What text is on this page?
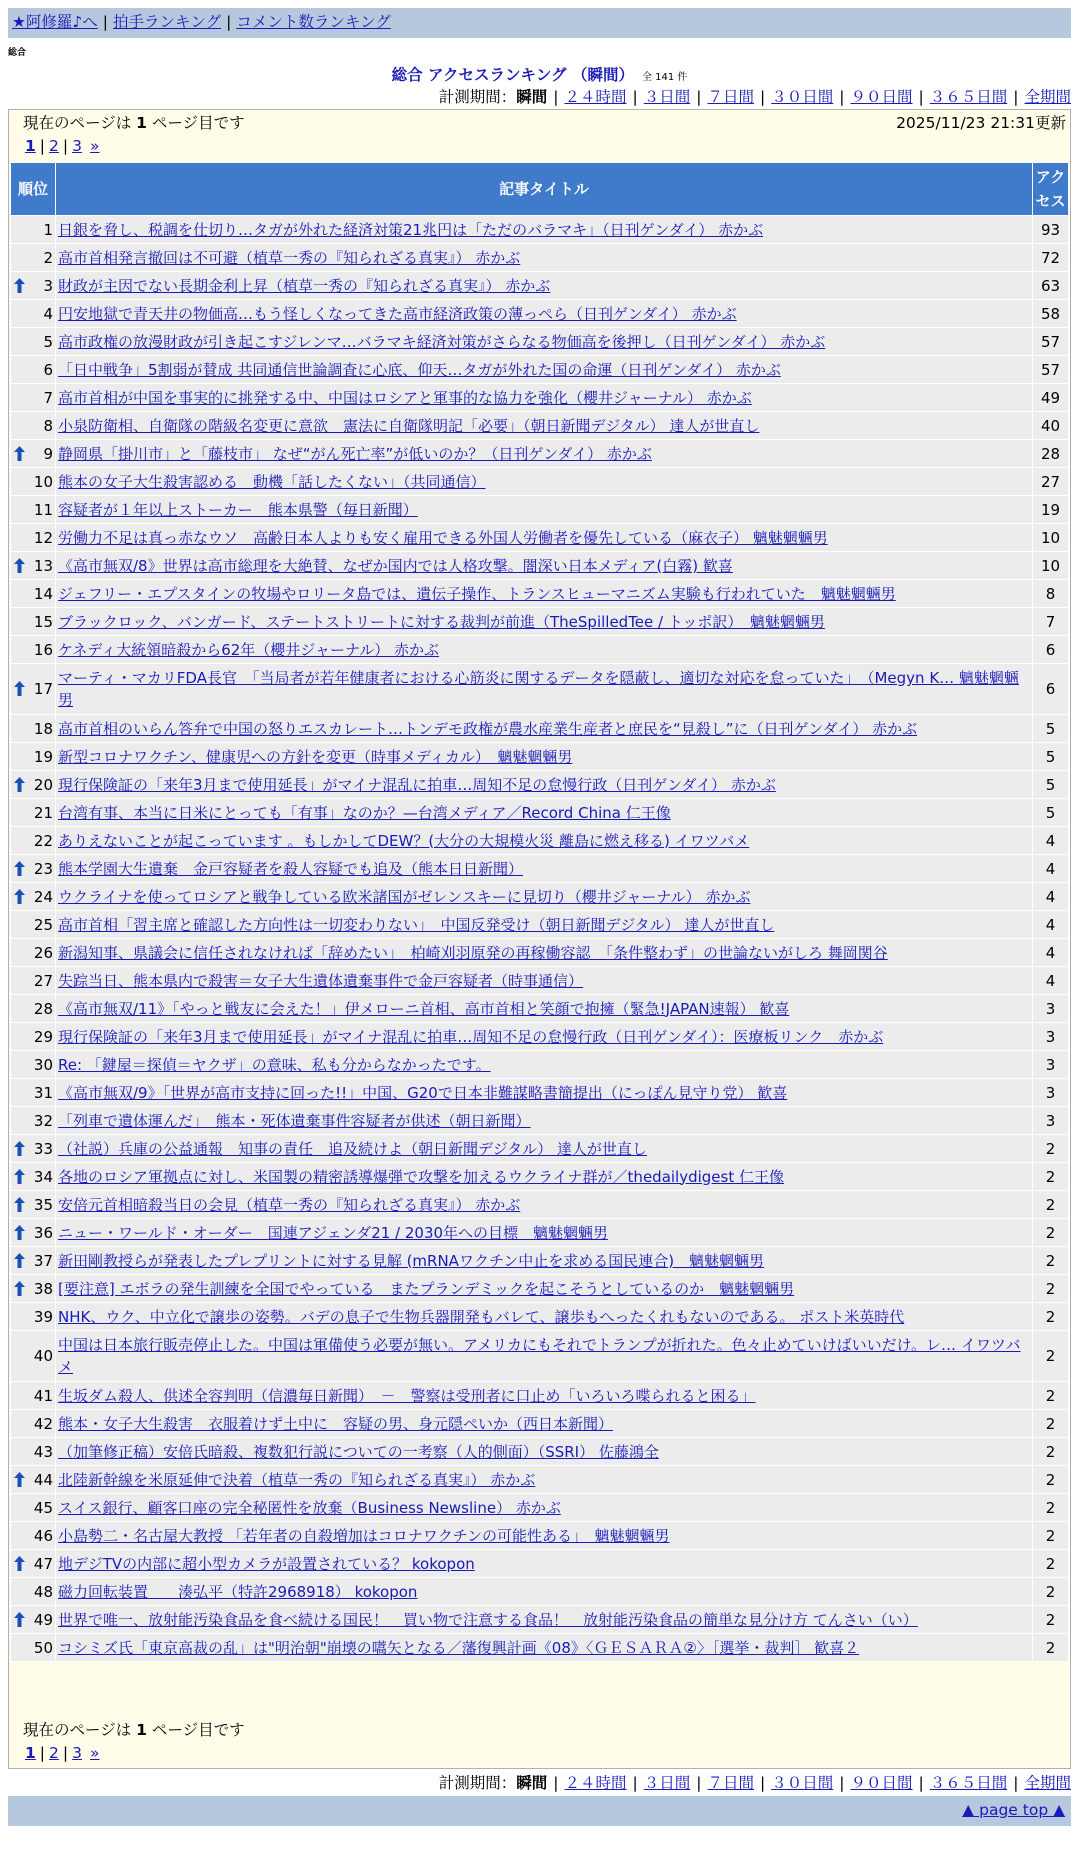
★阿修羅♪へ | 拍手ランキング | コメント数ランキング
総合
総合 アクセスランキング （瞬間） 全 141 件
計測期間：瞬間 | ２４時間 | ３日間 | ７日間 | ３０日間 | ９０日間 | ３６５日間 | 全期間
現在のページは 1 ページ目です	2025/11/23 21:31更新
1 | 2 | 3 »
順位	記事タイトル	アクセス
1	日銀を脅し、税調を仕切り…タガが外れた経済対策21兆円は「ただのバラマキ」（日刊ゲンダイ） 赤かぶ	93
2	高市首相発言撤回は不可避（植草一秀の『知られざる真実』） 赤かぶ	72

3	財政が主因でない長期金利上昇（植草一秀の『知られざる真実』） 赤かぶ	63
4	円安地獄で青天井の物価高…もう怪しくなってきた高市経済政策の薄っぺら（日刊ゲンダイ） 赤かぶ	58
5	高市政権の放漫財政が引き起こすジレンマ…バラマキ経済対策がさらなる物価高を後押し（日刊ゲンダイ） 赤かぶ	57
6	「日中戦争」5割弱が賛成 共同通信世論調査に心底、仰天…タガが外れた国の命運（日刊ゲンダイ） 赤かぶ	57
7	高市首相が中国を事実的に挑発する中、中国はロシアと軍事的な協力を強化（櫻井ジャーナル） 赤かぶ	49
8	小泉防衛相、自衛隊の階級名変更に意欲　憲法に自衛隊明記「必要」（朝日新聞デジタル） 達人が世直し	40

9	静岡県「掛川市」と「藤枝市」 なぜ“がん死亡率”が低いのか？（日刊ゲンダイ） 赤かぶ	28
10	熊本の女子大生殺害認める　動機「話したくない」（共同通信）	27
11	容疑者が１年以上ストーカー　熊本県警（毎日新聞）	19
12	労働力不足は真っ赤なウソ　高齢日本人よりも安く雇用できる外国人労働者を優先している（麻衣子） 魑魅魍魎男	10

13	《高市無双/8》世界は高市総理を大絶賛、なぜか国内では人格攻撃。闇深い日本メディア(白霧) 歓喜	10
14	ジェフリー・エプスタインの牧場やロリータ島では、遺伝子操作、トランスヒューマニズム実験も行われていた　魑魅魍魎男	8
15	ブラックロック、バンガード、ステートストリートに対する裁判が前進（TheSpilledTee / トッポ訳）　魑魅魍魎男	7
16	ケネディ大統領暗殺から62年（櫻井ジャーナル） 赤かぶ	6

17	マーティ・マカリFDA長官　「当局者が若年健康者における心筋炎に関するデータを隠蔽し、適切な対応を怠っていた」　（Megyn K… 魑魅魍魎男	6
18	高市首相のいらん答弁で中国の怒りエスカレート…トンデモ政権が農水産業生産者と庶民を“見殺し”に（日刊ゲンダイ） 赤かぶ	5
19	新型コロナワクチン、健康児への方針を変更（時事メディカル）　魑魅魍魎男	5

20	現行保険証の「来年3月まで使用延長」がマイナ混乱に拍車…周知不足の怠慢行政（日刊ゲンダイ） 赤かぶ	5
21	台湾有事、本当に日米にとっても「有事」なのか？—台湾メディア／Record China 仁王像	5
22	ありえないことが起こっています 。もしかしてDEW？(大分の大規模火災 離島に燃え移る) イワツバメ	4

23	熊本学園大生遺棄　金戸容疑者を殺人容疑でも追及（熊本日日新聞）	4

24	ウクライナを使ってロシアと戦争している欧米諸国がゼレンスキーに見切り（櫻井ジャーナル） 赤かぶ	4
25	高市首相「習主席と確認した方向性は一切変わりない」　中国反発受け（朝日新聞デジタル） 達人が世直し	4
26	新潟知事、県議会に信任されなければ「辞めたい」　柏崎刈羽原発の再稼働容認　「条件整わず」の世論ないがしろ 舞岡関谷	4
27	失踪当日、熊本県内で殺害＝女子大生遺体遺棄事件で金戸容疑者（時事通信）	4
28	《高市無双/11》「やっと戦友に会えた！」伊メローニ首相、高市首相と笑顔で抱擁（緊急!JAPAN速報） 歓喜	3
29	現行保険証の「来年3月まで使用延長」がマイナ混乱に拍車…周知不足の怠慢行政（日刊ゲンダイ）：医療板リンク　赤かぶ	3
30	Re: 「鍵屋＝探偵＝ヤクザ」の意味、私も分からなかったです。	3
31	《高市無双/9》「世界が高市支持に回った!!」中国、G20で日本非難謀略書簡提出（にっぽん見守り党） 歓喜	3
32	「列車で遺体運んだ」　熊本・死体遺棄事件容疑者が供述（朝日新聞）	3

33	（社説）兵庫の公益通報　知事の責任　追及続けよ（朝日新聞デジタル） 達人が世直し	2

34	各地のロシア軍拠点に対し、米国製の精密誘導爆弾で攻撃を加えるウクライナ群が／thedailydigest 仁王像	2

35	安倍元首相暗殺当日の会見（植草一秀の『知られざる真実』） 赤かぶ	2

36	ニュー・ワールド・オーダー　国連アジェンダ21 / 2030年への目標　魑魅魍魎男	2

37	新田剛教授らが発表したプレプリントに対する見解 (mRNAワクチン中止を求める国民連合)　魑魅魍魎男	2

38	[要注意] エボラの発生訓練を全国でやっている　またプランデミックを起こそうとしているのか　魑魅魍魎男	2
39	NHK、ウク、中立化で譲歩の姿勢。バデの息子で生物兵器開発もバレて、譲歩もへったくれもないのである。 ポスト米英時代	2
40	中国は日本旅行販売停止した。中国は軍備使う必要が無い。アメリカにもそれでトランプが折れた。色々止めていけばいいだけ。レ… イワツバメ	2
41	生坂ダム殺人、供述全容判明（信濃毎日新聞）　－　警察は受刑者に口止め「いろいろ喋られると困る」	2
42	熊本・女子大生殺害　衣服着けず土中に　容疑の男、身元隠ぺいか（西日本新聞）	2
43	（加筆修正稿）安倍氏暗殺、複数犯行説についての一考察（人的側面）（SSRI） 佐藤鴻全	2

44	北陸新幹線を米原延伸で決着（植草一秀の『知られざる真実』） 赤かぶ	2
45	スイス銀行、顧客口座の完全秘匿性を放棄（Business Newsline） 赤かぶ	2
46	小島勢二・名古屋大教授 「若年者の自殺増加はコロナワクチンの可能性ある」　魑魅魍魎男	2

47	地デジTVの内部に超小型カメラが設置されている？ kokopon	2
48	磁力回転装置　　湊弘平（特許2968918） kokopon	2

49	世界で唯一、放射能汚染食品を食べ続ける国民！　買い物で注意する食品！　放射能汚染食品の簡単な見分け方 てんさい（い）	2
50	コシミズ氏「東京高裁の乱」は"明治朝"崩壊の嚆矢となる／藩復興計画《08》〈ＧＥＳＡＲＡ②〉［選挙・裁判］ 歓喜２	2
現在のページは 1 ページ目です
1 | 2 | 3 »
計測期間：瞬間 | ２４時間 | ３日間 | ７日間 | ３０日間 | ９０日間 | ３６５日間 | 全期間
▲ page top ▲
